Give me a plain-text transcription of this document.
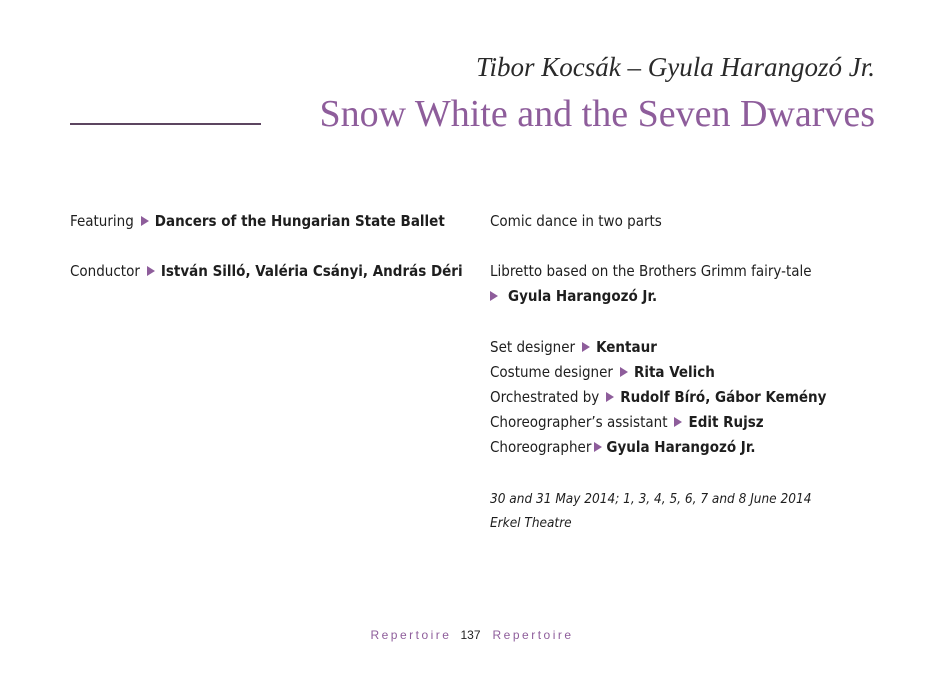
Tibor Kocsák – Gyula Harangozó Jr.
Snow White and the Seven Dwarves
Featuring Dancers of the Hungarian State Ballet
Conductor István Silló, Valéria Csányi, András Déri
Comic dance in two parts
Libretto based on the Brothers Grimm fairy-tale
Gyula Harangozó Jr.
Set designer Kentaur
Costume designer Rita Velich
Orchestrated by Rudolf Bíró, Gábor Kemény
Choreographer’s assistant Edit Rujsz
Choreographer Gyula Harangozó Jr.
30 and 31 May 2014; 1, 3, 4, 5, 6, 7 and 8 June 2014
Erkel Theatre
Repertoire 137 Repertoire
